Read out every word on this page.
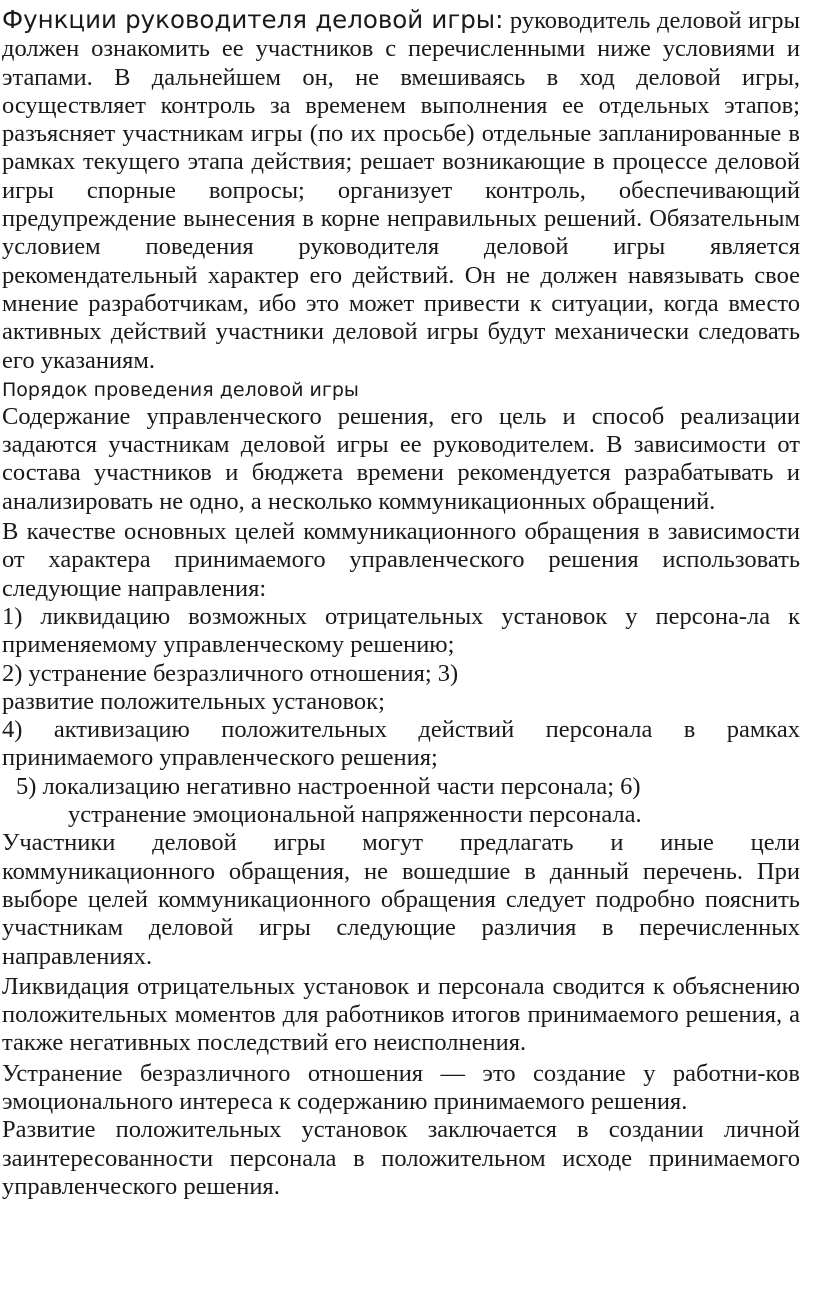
Функции руководителя деловой игры: руководитель деловой игры должен ознакомить ее участников с перечисленными ниже условиями и этапами. В дальнейшем он, не вмешиваясь в ход деловой игры, осуществляет контроль за временем выполнения ее отдельных этапов; разъясняет участникам игры (по их просьбе) отдельные запланированные в рамках текущего этапа действия; решает возникающие в процессе деловой игры спорные вопросы; организует контроль, обеспечивающий предупреждение вынесения в корне неправильных решений. Обязательным условием поведения руководителя деловой игры является рекомендательный характер его действий. Он не должен навязывать свое мнение разработчикам, ибо это может привести к ситуации, когда вместо активных действий участники деловой игры будут механически следовать его указаниям.

Порядок проведения деловой игры

Содержание управленческого решения, его цель и способ реализации задаются участникам деловой игры ее руководителем. В зависимости от состава участников и бюджета времени рекомендуется разрабатывать и анализировать не одно, а несколько коммуникационных обращений.

В качестве основных целей коммуникационного обращения в зависимости от характера принимаемого управленческого решения использовать следующие направления:

1) ликвидацию возможных отрицательных установок у персона-ла к применяемому управленческому решению;

2) устранение безразличного отношения; 3)

развитие положительных установок;

4) активизацию положительных действий персонала в рамках принимаемого управленческого решения;

5) локализацию негативно настроенной части персонала; 6)

устранение эмоциональной напряженности персонала.

Участники деловой игры могут предлагать и иные цели коммуникационного обращения, не вошедшие в данный перечень. При выборе целей коммуникационного обращения следует подробно пояснить участникам деловой игры следующие различия в перечисленных направлениях.

Ликвидация отрицательных установок и персонала сводится к объяснению положительных моментов для работников итогов принимаемого решения, а также негативных последствий его неисполнения.

Устранение безразличного отношения — это создание у работни-ков эмоционального интереса к содержанию принимаемого решения.

Развитие положительных установок заключается в создании личной заинтересованности персонала в положительном исходе принимаемого управленческого решения.
